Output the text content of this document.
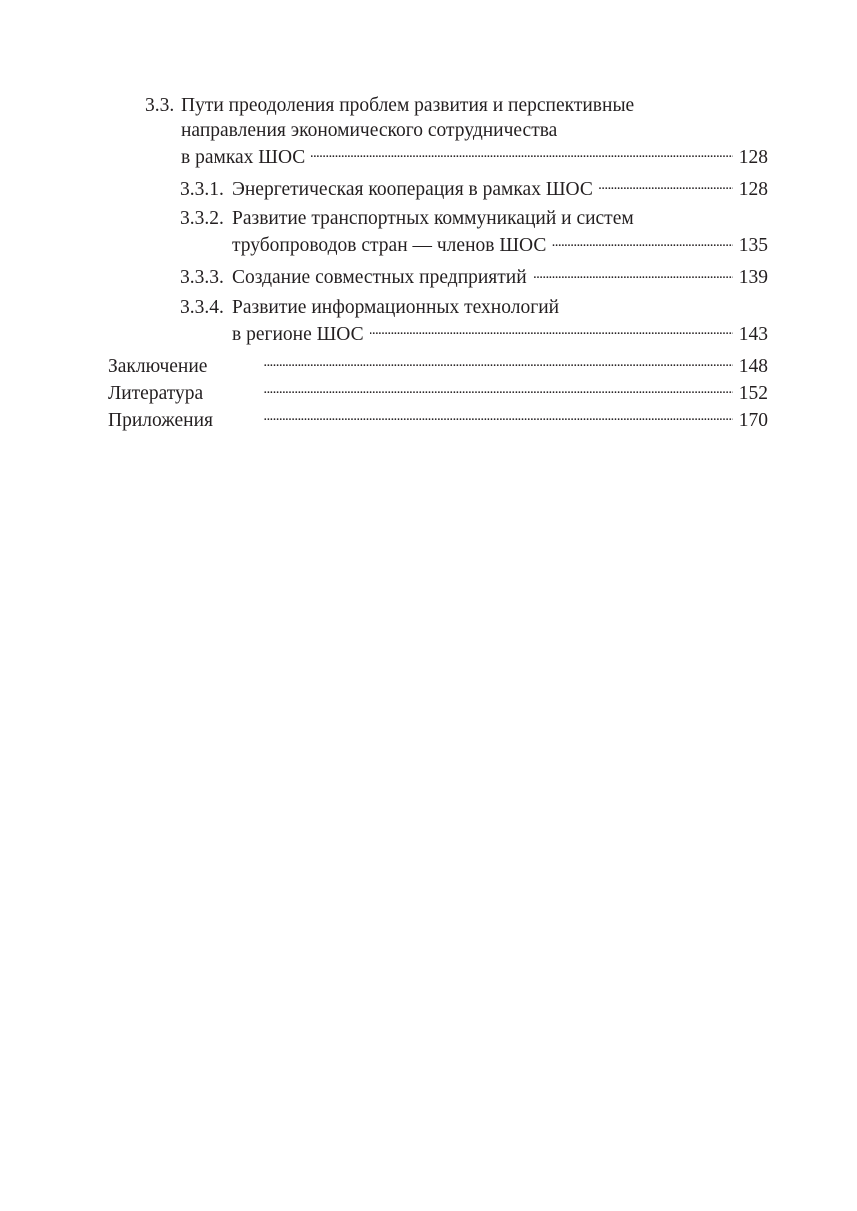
3.3. Пути преодоления проблем развития и перспективные
направления экономического сотрудничества
в рамках ШОС . . .	128
3.3.1. Энергетическая кооперация в рамках ШОС . . .	128
3.3.2. Развитие транспортных коммуникаций и систем
трубопроводов стран — членов ШОС . . .	135
3.3.3. Создание совместных предприятий . . .	139
3.3.4. Развитие информационных технологий
в регионе ШОС . . .	143
Заключение . . .	148
Литература . . .	152
Приложения . . .	170
